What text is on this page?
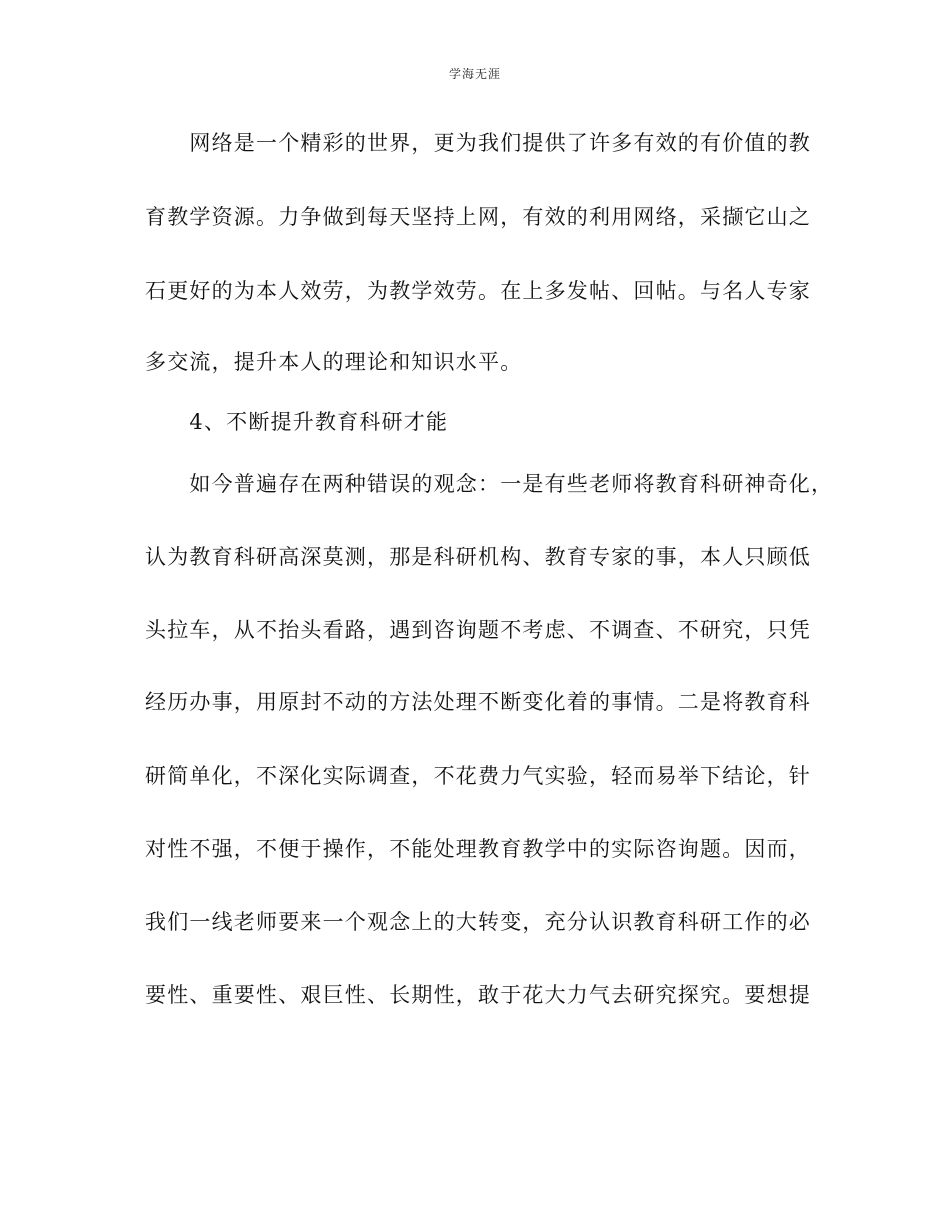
学海无涯
　　网络是一个精彩的世界，更为我们提供了许多有效的有价值的教
育教学资源。力争做到每天坚持上网，有效的利用网络，采撷它山之
石更好的为本人效劳，为教学效劳。在上多发帖、回帖。与名人专家
多交流，提升本人的理论和知识水平。
　　4、不断提升教育科研才能
　　如今普遍存在两种错误的观念：一是有些老师将教育科研神奇化，
认为教育科研高深莫测，那是科研机构、教育专家的事，本人只顾低
头拉车，从不抬头看路，遇到咨询题不考虑、不调查、不研究，只凭
经历办事，用原封不动的方法处理不断变化着的事情。二是将教育科
研简单化，不深化实际调查，不花费力气实验，轻而易举下结论，针
对性不强，不便于操作，不能处理教育教学中的实际咨询题。因而，
我们一线老师要来一个观念上的大转变，充分认识教育科研工作的必
要性、重要性、艰巨性、长期性，敢于花大力气去研究探究。要想提
